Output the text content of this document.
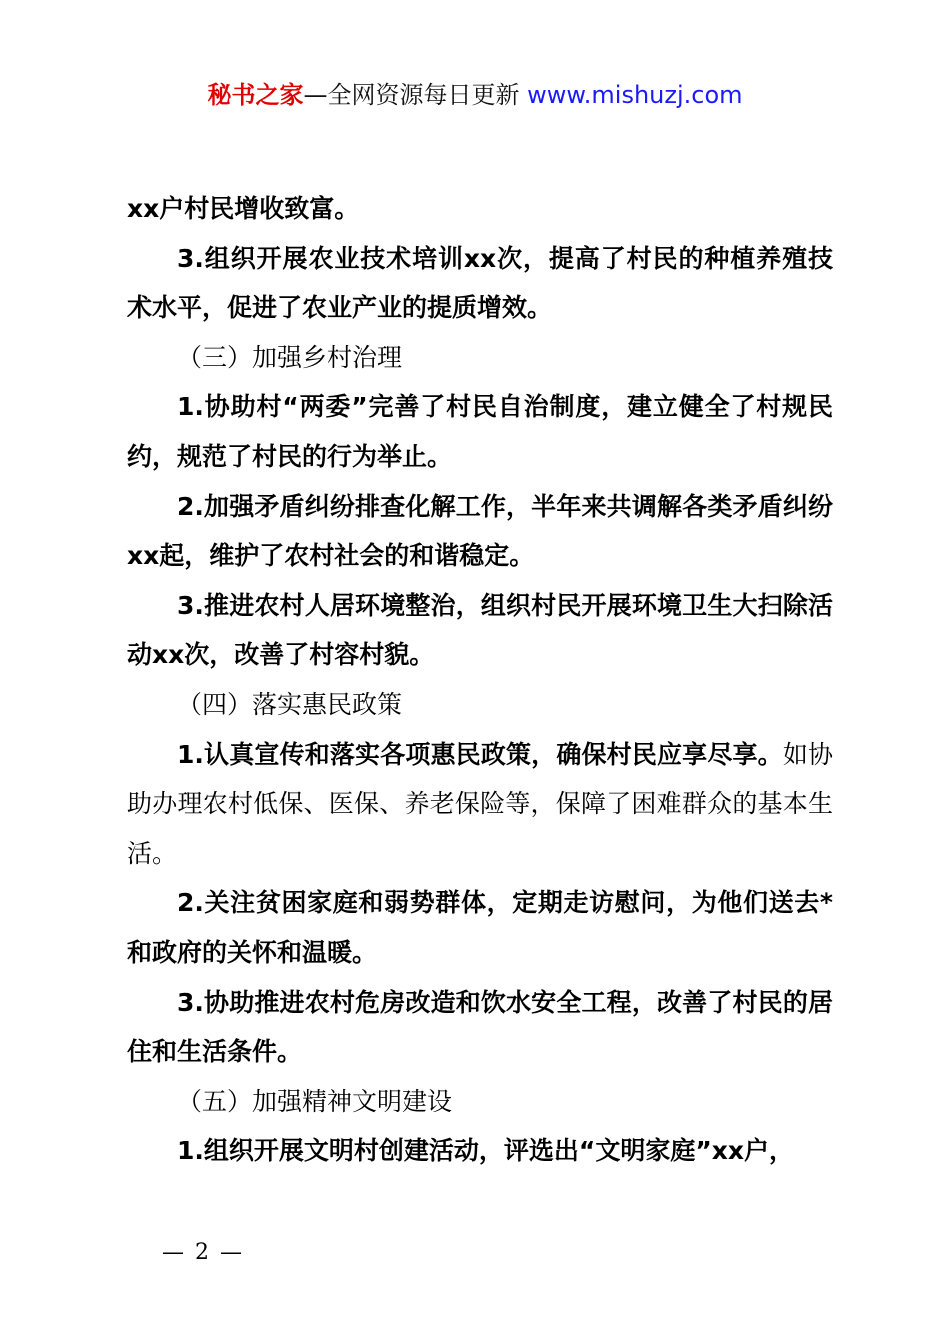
秘书之家—全网资源每日更新 www.mishuzj.com

xx户村民增收致富。

3.组织开展农业技术培训xx次，提高了村民的种植养殖技术水平，促进了农业产业的提质增效。

（三）加强乡村治理

1.协助村“两委”完善了村民自治制度，建立健全了村规民约，规范了村民的行为举止。

2.加强矛盾纠纷排查化解工作，半年来共调解各类矛盾纠纷xx起，维护了农村社会的和谐稳定。

3.推进农村人居环境整治，组织村民开展环境卫生大扫除活动xx次，改善了村容村貌。

（四）落实惠民政策

1.认真宣传和落实各项惠民政策，确保村民应享尽享。如协助办理农村低保、医保、养老保险等，保障了困难群众的基本生活。

2.关注贫困家庭和弱势群体，定期走访慰问，为他们送去*和政府的关怀和温暖。

3.协助推进农村危房改造和饮水安全工程，改善了村民的居住和生活条件。

（五）加强精神文明建设

1.组织开展文明村创建活动，评选出“文明家庭”xx户，

— 2 —
